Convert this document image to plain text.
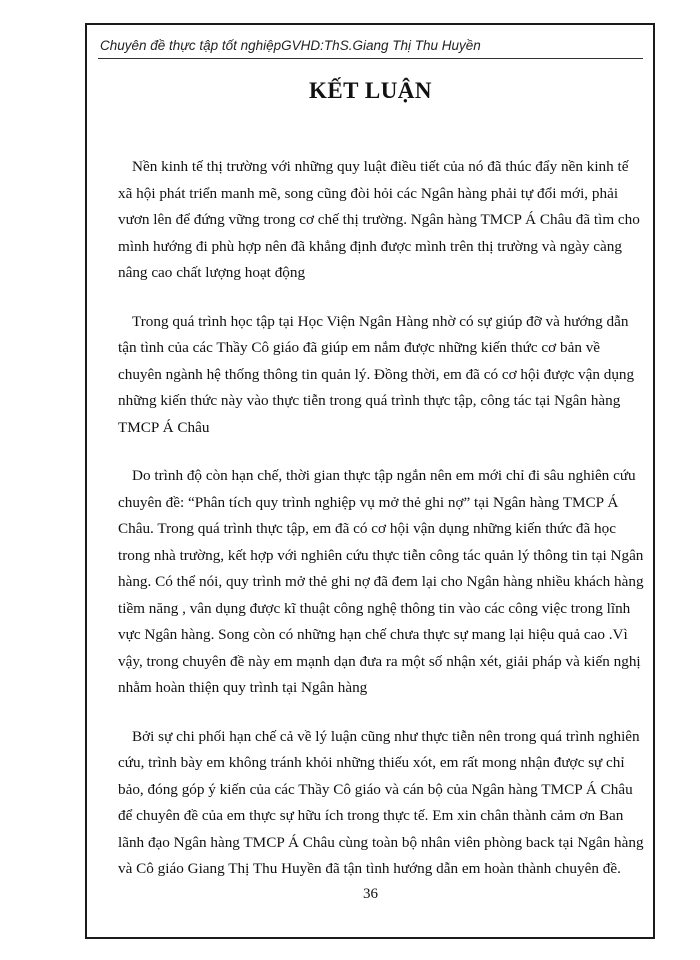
Chuyên đề thực tập tốt nghiệpGVHD:ThS.Giang Thị Thu Huyền
KẾT LUẬN

Nền kinh tế thị trường với những quy luật điều tiết của nó đã thúc đẩy nền kinh tế xã hội phát triển manh mẽ, song cũng đòi hỏi các Ngân hàng phải tự đổi mới, phải vươn lên để đứng vững trong cơ chế thị trường. Ngân hàng TMCP Á Châu đã tìm cho mình hướng đi phù hợp nên đã khẳng định được mình trên thị trường và ngày càng nâng cao chất lượng hoạt động

Trong quá trình học tập tại Học Viện Ngân Hàng nhờ có sự giúp đỡ và hướng dẫn tận tình của các Thầy Cô giáo đã giúp em nắm được những kiến thức cơ bản về chuyên ngành hệ thống thông tin quản lý. Đồng thời, em đã có cơ hội được vận dụng những kiến thức này vào thực tiễn trong quá trình thực tập, công tác tại Ngân hàng TMCP Á Châu

Do trình độ còn hạn chế, thời gian thực tập ngắn nên em mới chỉ đi sâu nghiên cứu chuyên đề: “Phân tích quy trình nghiệp vụ mở thẻ ghi nợ” tại Ngân hàng TMCP Á Châu. Trong quá trình thực tập, em đã có cơ hội vận dụng những kiến thức đã học trong nhà trường, kết hợp với nghiên cứu thực tiễn công tác quản lý thông tin tại Ngân hàng. Có thể nói, quy trình mở thẻ ghi nợ đã đem lại cho Ngân hàng nhiều khách hàng tiềm năng , vân dụng được kĩ thuật công nghệ thông tin vào các công việc trong lĩnh vực Ngân hàng. Song còn có những hạn chế chưa thực sự mang lại hiệu quả cao .Vì vậy, trong chuyên đề này em mạnh dạn đưa ra một số nhận xét, giải pháp và kiến nghị nhằm hoàn thiện quy trình tại Ngân hàng

Bởi sự chi phối hạn chế cả về lý luận cũng như thực tiễn nên trong quá trình nghiên cứu, trình bày em không tránh khỏi những thiếu xót, em rất mong nhận được sự chỉ bảo, đóng góp ý kiến của các Thầy Cô giáo và cán bộ của Ngân hàng TMCP Á Châu để chuyên đề của em thực sự hữu ích trong thực tế. Em xin chân thành cảm ơn Ban lãnh đạo Ngân hàng TMCP Á Châu cùng toàn bộ nhân viên phòng back tại Ngân hàng và Cô giáo Giang Thị Thu Huyền đã tận tình hướng dẫn em hoàn thành chuyên đề.

36
